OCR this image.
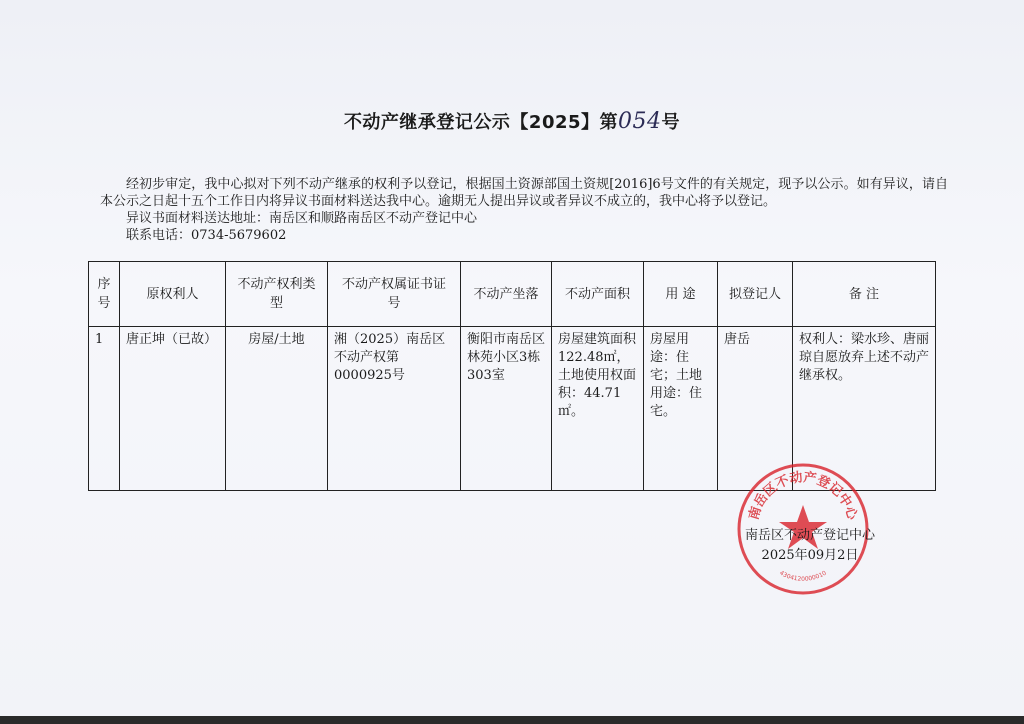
不动产继承登记公示【2025】第054号

经初步审定，我中心拟对下列不动产继承的权利予以登记，根据国土资源部国土资规[2016]6号文件的有关规定，现予以公示。如有异议，请自本公示之日起十五个工作日内将异议书面材料送达我中心。逾期无人提出异议或者异议不成立的，我中心将予以登记。

异议书面材料送达地址：南岳区和顺路南岳区不动产登记中心

联系电话：0734-5679602

序号	原权利人	不动产权利类　型	不动产权属证书证　号	不动产坐落	不动产面积	用 途	拟登记人	备 注
1	唐正坤（已故）	房屋/土地	湘（2025）南岳区不动产权第0000925号	衡阳市南岳区林苑小区3栋303室	房屋建筑面积122.48㎡，土地使用权面积：44.71㎡。	房屋用途：住宅；土地用途：住宅。	唐岳	权利人：梁水珍、唐丽琼自愿放弃上述不动产继承权。
南岳区不动产登记中心
4304120000010
南岳区不动产登记中心
2025年09月2日
